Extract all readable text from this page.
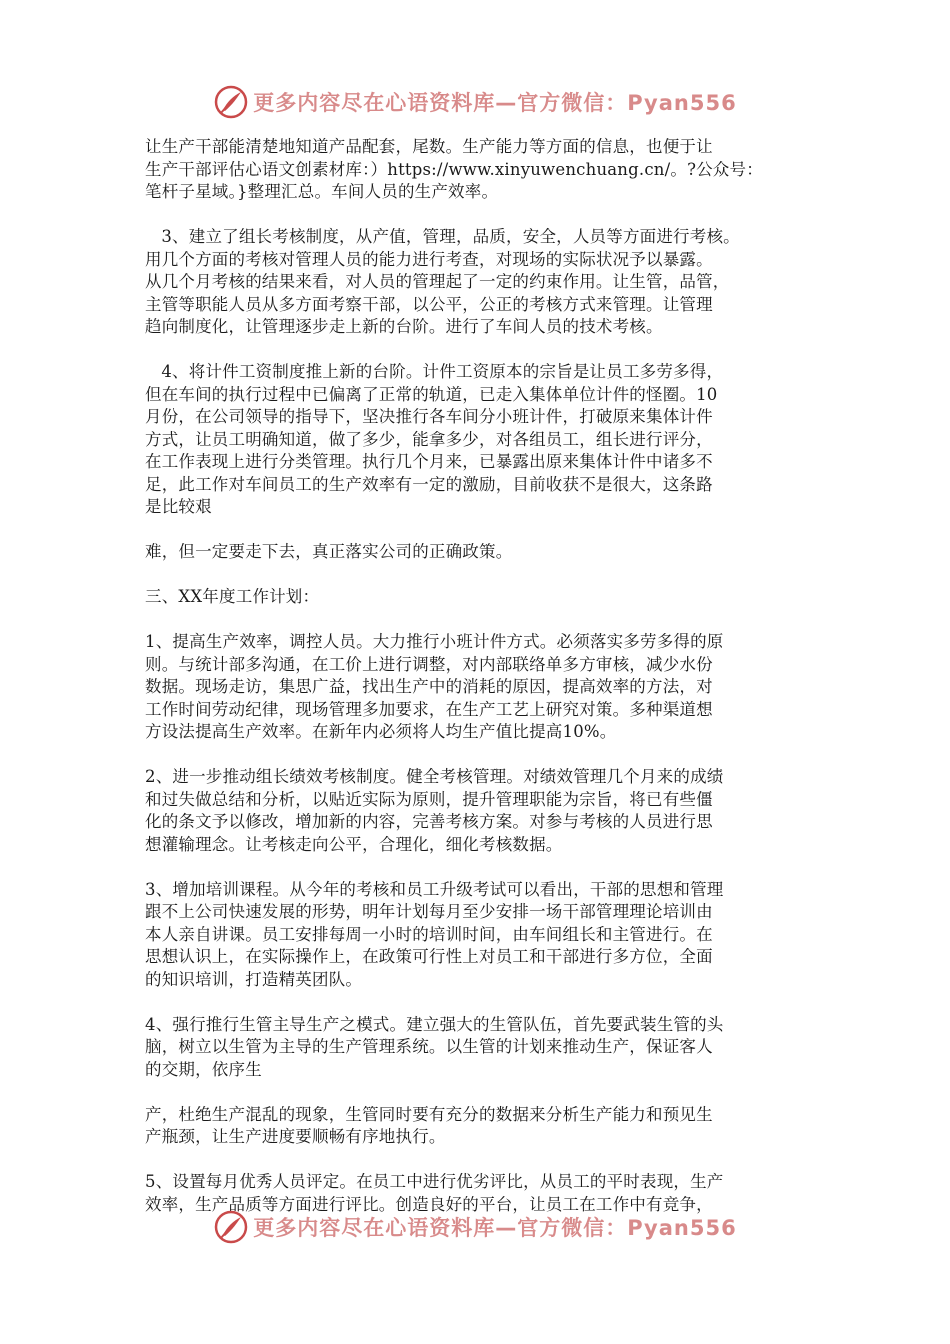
更多内容尽在心语资料库—官方微信：Pyan556

让生产干部能清楚地知道产品配套，尾数。生产能力等方面的信息，也便于让
生产干部评估心语文创素材库：）https://www.xinyuwenchuang.cn/。?公众号：
笔杆子星域。}整理汇总。车间人员的生产效率。

3、建立了组长考核制度，从产值，管理，品质，安全，人员等方面进行考核。
用几个方面的考核对管理人员的能力进行考查，对现场的实际状况予以暴露。
从几个月考核的结果来看，对人员的管理起了一定的约束作用。让生管，品管，
主管等职能人员从多方面考察干部，以公平，公正的考核方式来管理。让管理
趋向制度化，让管理逐步走上新的台阶。进行了车间人员的技术考核。

4、将计件工资制度推上新的台阶。计件工资原本的宗旨是让员工多劳多得，
但在车间的执行过程中已偏离了正常的轨道，已走入集体单位计件的怪圈。10
月份，在公司领导的指导下，坚决推行各车间分小班计件，打破原来集体计件
方式，让员工明确知道，做了多少，能拿多少，对各组员工，组长进行评分，
在工作表现上进行分类管理。执行几个月来，已暴露出原来集体计件中诸多不
足，此工作对车间员工的生产效率有一定的激励，目前收获不是很大，这条路
是比较艰

难，但一定要走下去，真正落实公司的正确政策。

三、XX年度工作计划：

1、提高生产效率，调控人员。大力推行小班计件方式。必须落实多劳多得的原
则。与统计部多沟通，在工价上进行调整，对内部联络单多方审核，减少水份
数据。现场走访，集思广益，找出生产中的消耗的原因，提高效率的方法，对
工作时间劳动纪律，现场管理多加要求，在生产工艺上研究对策。多种渠道想
方设法提高生产效率。在新年内必须将人均生产值比提高10%。

2、进一步推动组长绩效考核制度。健全考核管理。对绩效管理几个月来的成绩
和过失做总结和分析，以贴近实际为原则，提升管理职能为宗旨，将已有些僵
化的条文予以修改，增加新的内容，完善考核方案。对参与考核的人员进行思
想灌输理念。让考核走向公平，合理化，细化考核数据。

3、增加培训课程。从今年的考核和员工升级考试可以看出，干部的思想和管理
跟不上公司快速发展的形势，明年计划每月至少安排一场干部管理理论培训由
本人亲自讲课。员工安排每周一小时的培训时间，由车间组长和主管进行。在
思想认识上，在实际操作上，在政策可行性上对员工和干部进行多方位，全面
的知识培训，打造精英团队。

4、强行推行生管主导生产之模式。建立强大的生管队伍，首先要武装生管的头
脑，树立以生管为主导的生产管理系统。以生管的计划来推动生产，保证客人
的交期，依序生

产，杜绝生产混乱的现象，生管同时要有充分的数据来分析生产能力和预见生
产瓶颈，让生产进度要顺畅有序地执行。

5、设置每月优秀人员评定。在员工中进行优劣评比，从员工的平时表现，生产
效率，生产品质等方面进行评比。创造良好的平台，让员工在工作中有竞争，

更多内容尽在心语资料库—官方微信：Pyan556
